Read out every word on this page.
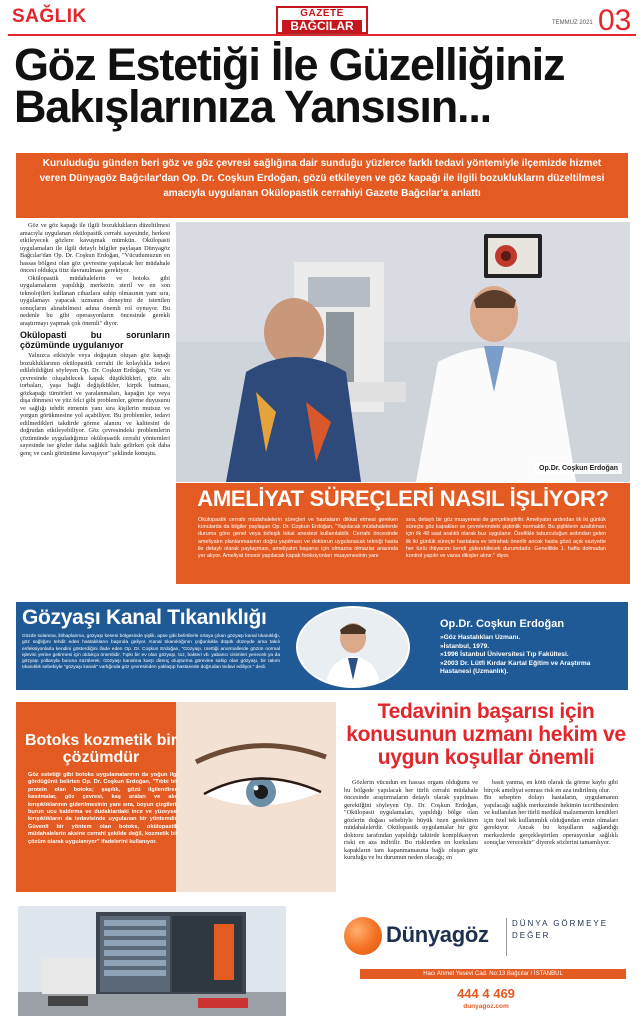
SAĞLIK	GAZETE
BAĞCILAR
Bağcılar'ın en büyük ve en çok okunan gazetesi
TEMMUZ 2021 03
Göz Estetiği İle Güzelliğiniz Bakışlarınıza Yansısın...
Kuruluduğu günden beri göz ve göz çevresi sağlığına dair sunduğu yüzlerce farklı tedavi yöntemiyle ilçemizde hizmet veren Dünyagöz Bağcılar'dan Op. Dr. Coşkun Erdoğan, gözü etkileyen ve göz kapağı ile ilgili bozuklukların düzeltilmesi amacıyla uygulanan Okülopastik cerrahiyi Gazete Bağcılar'a anlattı

Göz ve göz kapağı ile ilgili bozuklukların düzeltilmesi amacıyla uygulanan okülopastik cerrahi sayesinde, herkesi etkileyecek gözlere kavuşmak mümkün. Okülopasti uygulamaları ile ilgili detaylı bilgiler paylaşan Dünyagöz Bağcılar'dan Op. Dr. Coşkun Erdoğan, "Vücudumuzun en hassas bölgesi olan göz çevresine yapılacak her müdahale öncesi oldukça titiz davranılması gerekiyor.

Okülopastik müdahalelerin ve botoks gibi uygulamaların yapıldığı merkezin steril ve en son teknolojileri kullanan cihazlara sahip olmasının yanı sıra, uygulamayı yapacak uzmanın deneyimi de istenilen sonuçların alınabilmesi adına önemli rol oynuyor. Bu nedenle bu gibi operasyonların öncesinde gerekli araştırmayı yapmak çok önemli" diyor.

Okülopasti bu sorunların çözümünde uygulanıyor

Yalnızca etkisiyle veya doğuştan oluşan göz kapağı bozukluklarının okülopastik cerrahi ile kolaylıkla tedavi edilebildiğini söyleyen Op. Dr. Coşkun Erdoğan, "Göz ve çevresinde oluşabilecek kapak düşüklükleri, göz altı torbaları, yaşa bağlı değişiklikler, kirpik batması, gözkapağı tümörleri ve yaralanmaları, kapağın içe veya dışa dönmesi ve yüz felci gibi problemler, görme duyusunu ve sağlığı tehdit etmenin yanı sıra kişilerin mutsuz ve yorgun görükmesine yol açabiliyor. Bu problemler, tedavi edilmedikleri takdirde görme alanını ve kalitesini de doğrudan etkileyebiliyor. Göz çevresindeki problemlerin çözümünde uyguladığımız okülopastik cerrahi yöntemleri sayesinde ise gözler daha sağlıklı hale gelirken çok daha genç ve canlı görünüme kavuşuyor" şeklinde konuştu.

Op.Dr. Coşkun Erdoğan
AMELİYAT SÜREÇLERİ NASIL İŞLİYOR?
Okülopastik cerrahi müdahalelerin süreçleri ve hastaların dikkat etmesi gereken konularda da bilgiler paylaşan Op. Dr. Coşkun Erdoğan, "Yapılacak müdahalelerde duruma göre genel veya birleşik lokal anestezi kullanılabilir. Cerrahi öncesinde ameliyatın planlanmasının doğru yapılması ve doktorun uygulanacak tekniği hasta ile detaylı olarak paylaşması, ameliyatın başarısı için olmazsa olmazlar arasında yer alıyor. Ameliyat öncesi yapılacak kapak fonksiyonları muayenesinin yanı
sıra, detaylı bir göz muayenesi de gerçekleştirilir. Ameliyatın ardından ilk iki günlük süreçte göz kapakları ve çevrelerindeki şişkinlik normaldir. Bu şişliklerin azaltılması için ilk 48 saat aralıklı olarak buz uygulanır. Özellikle taburculuğun ardından gelen ilk iki günlük süreçte hastalara ev istirahatı önerilir ancak hasta gözü açık vaziyette her türlü ihtiyacını kendi giderebilecek durumdadır. Genellikle 1. hafta dolmadan kontrol yapılır ve varsa dikişler alınır." diyor.
Gözyaşı Kanal Tıkanıklığı
Gözde sulanma, iltihaplanma, gözyaşı kesesi bölgesinde şişlik, apse gibi belirtilerle ortaya çıkan gözyaşı kanal tıkanıklığı, göz sağlığını tehdit eden hastalıkların başında geliyor. Kanal tıkanıklığının çoğunlukla düşük düzeyde ama takılı enfeksiyonlarla kendini gösterdiğini ifade eden Op. Dr. Coşkun Erdoğan, "Gözyaşı, ürettiği anormallerde gözün normal işlevini yerine getirmesi için oldukça önemlidir. Tıpkı bir ev olan gözyaşı, toz, bakteri vb. yabancı cisimleri yenecek ya da gözyaşı yollarıyla buruna süzülerek. Gözyaşı kanalına karşı direnç oluşturma görevine sahip olan gözyaşı, bir takım tıkanıklık sebebiyle "gözyaşı kanalı" varlığında göz çevresinden yaklaşıp hastanede doğrudan tedavi ediliyor." dedi.
Op.Dr. Coşkun Erdoğan
» Göz Hastalıkları Uzmanı.
» İstanbul, 1979.
» 1996 İstanbul Üniversitesi Tıp Fakültesi.
» 2003 Dr. Lütfi Kırdar Kartal Eğitim ve Araştırma Hastanesi (Uzmanlık).
Botoks kozmetik bir çözümdür
Göz estetiği gibi botoks uygulamalarının da yoğun ilgi gördüğünü belirten Op. Dr. Coşkun Erdoğan, "Tıbbi bir protein olan botoks; şaşılık, gözü ilgilendiren kasılmalar, göz çevresi, kaş araları ve alın kırışıklıklarının giderilmesinin yanı sıra, boyun çizgileri, burun ucu kaldırma ve dudaklardaki ince ve yüzeysel kırışıklıkların da tedavisinde uygulanan bir yöntemdir. Güvenli bir yöntem olan botoks, okülopastik müdahalelerin aksine cerrahi şekilde değil, kozmetik bir çözüm olarak uygulanıyor" ifadelerini kullanıyor.
Tedavinin başarısı için konusunun uzmanı hekim ve uygun koşullar önemli

Gözlerin vücudun en hassas organı olduğunu ve bu bölgede yapılacak her türlü cerrahi müdahale öncesinde araştırmaların detaylı olarak yapılması gerektiğini söyleyen Op. Dr. Coşkun Erdoğan, "Okülopasti uygulamaları, yapıldığı bölge olan gözlerin doğası sebebiyle büyük özen gerektiren müdahalelerdir. Okülopastik uygulamalar bir göz doktoru tarafından yapıldığı taktirde komplikasyon riski en aza indirilir. Bu risklerden en korkulanı kapakların tam kapanmamasına bağlı oluşan göz kuruluğu ve bu durumun neden olacağı; en

basit yanma, en kötü olarak da görme kaybı gibi birçok ameliyat sonrası risk en aza indirilmiş olur.
Bu sebepten dolayı hastaların, uygulamanın yapılacağı sağlık merkezinde hekimin tecrübesinden ve kullanılan her türlü medikal malzemenin kendileri için özel tek kullanımlık olduğundan emin olmaları gerekiyor. Ancak bu koşulların sağlandığı merkezlerde gerçekleştirilen operasyonlar sağlıklı sonuçlar verecektir" diyerek sözlerini tamamlıyor.

Dünyagöz	DÜNYA GÖRMEYE DEĞER
Hacı Ahmet Yesevi Cad. No:13 Bağcılar / İSTANBUL
444 4 469
dunyagoz.com
